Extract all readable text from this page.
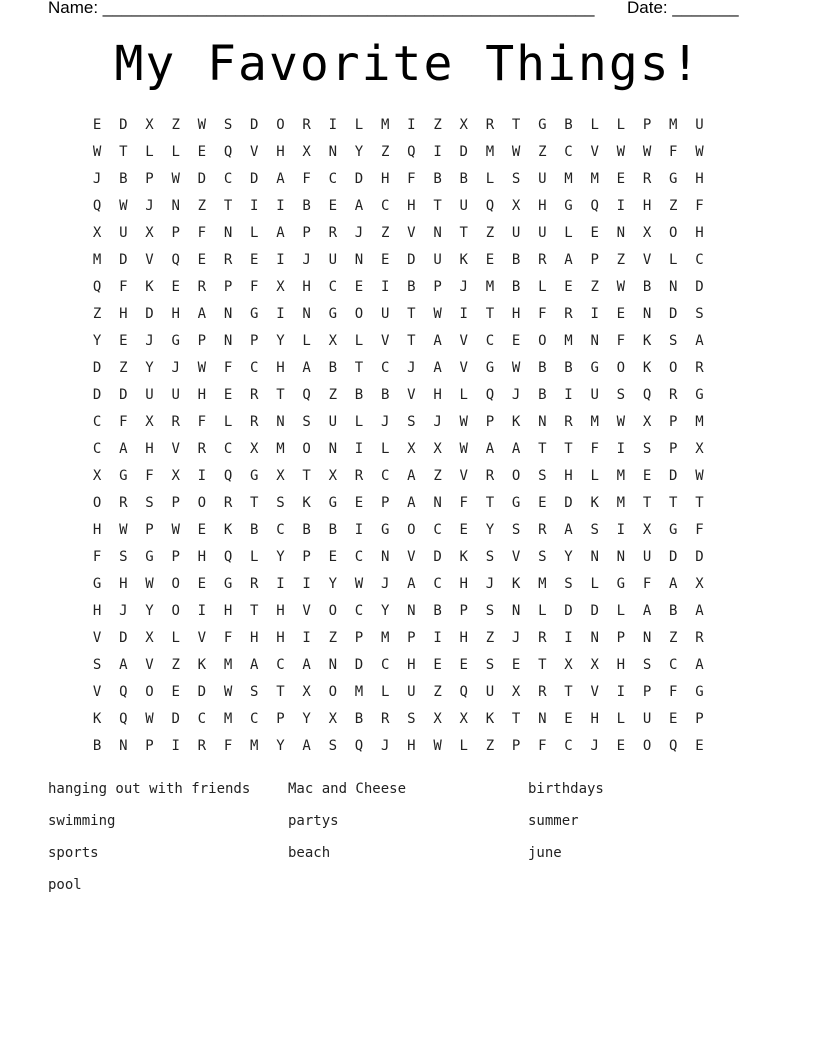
Name: ____________________________________________________ Date: _______
My Favorite Things!
E	D	X	Z	W	S	D	O	R	I	L	M	I	Z	X	R	T	G	B	L	L	P	M	U
W	T	L	L	E	Q	V	H	X	N	Y	Z	Q	I	D	M	W	Z	C	V	W	W	F	W
J	B	P	W	D	C	D	A	F	C	D	H	F	B	B	L	S	U	M	M	E	R	G	H
Q	W	J	N	Z	T	I	I	B	E	A	C	H	T	U	Q	X	H	G	Q	I	H	Z	F
X	U	X	P	F	N	L	A	P	R	J	Z	V	N	T	Z	U	U	L	E	N	X	O	H
M	D	V	Q	E	R	E	I	J	U	N	E	D	U	K	E	B	R	A	P	Z	V	L	C
Q	F	K	E	R	P	F	X	H	C	E	I	B	P	J	M	B	L	E	Z	W	B	N	D
Z	H	D	H	A	N	G	I	N	G	O	U	T	W	I	T	H	F	R	I	E	N	D	S
Y	E	J	G	P	N	P	Y	L	X	L	V	T	A	V	C	E	O	M	N	F	K	S	A
D	Z	Y	J	W	F	C	H	A	B	T	C	J	A	V	G	W	B	B	G	O	K	O	R
D	D	U	U	H	E	R	T	Q	Z	B	B	V	H	L	Q	J	B	I	U	S	Q	R	G
C	F	X	R	F	L	R	N	S	U	L	J	S	J	W	P	K	N	R	M	W	X	P	M
C	A	H	V	R	C	X	M	O	N	I	L	X	X	W	A	A	T	T	F	I	S	P	X
X	G	F	X	I	Q	G	X	T	X	R	C	A	Z	V	R	O	S	H	L	M	E	D	W
O	R	S	P	O	R	T	S	K	G	E	P	A	N	F	T	G	E	D	K	M	T	T	T
H	W	P	W	E	K	B	C	B	B	I	G	O	C	E	Y	S	R	A	S	I	X	G	F
F	S	G	P	H	Q	L	Y	P	E	C	N	V	D	K	S	V	S	Y	N	N	U	D	D
G	H	W	O	E	G	R	I	I	Y	W	J	A	C	H	J	K	M	S	L	G	F	A	X
H	J	Y	O	I	H	T	H	V	O	C	Y	N	B	P	S	N	L	D	D	L	A	B	A
V	D	X	L	V	F	H	H	I	Z	P	M	P	I	H	Z	J	R	I	N	P	N	Z	R
S	A	V	Z	K	M	A	C	A	N	D	C	H	E	E	S	E	T	X	X	H	S	C	A
V	Q	O	E	D	W	S	T	X	O	M	L	U	Z	Q	U	X	R	T	V	I	P	F	G
K	Q	W	D	C	M	C	P	Y	X	B	R	S	X	X	K	T	N	E	H	L	U	E	P
B	N	P	I	R	F	M	Y	A	S	Q	J	H	W	L	Z	P	F	C	J	E	O	Q	E
hanging out with friends	Mac and Cheese	birthdays
swimming	partys	summer
sports	beach	june
pool
